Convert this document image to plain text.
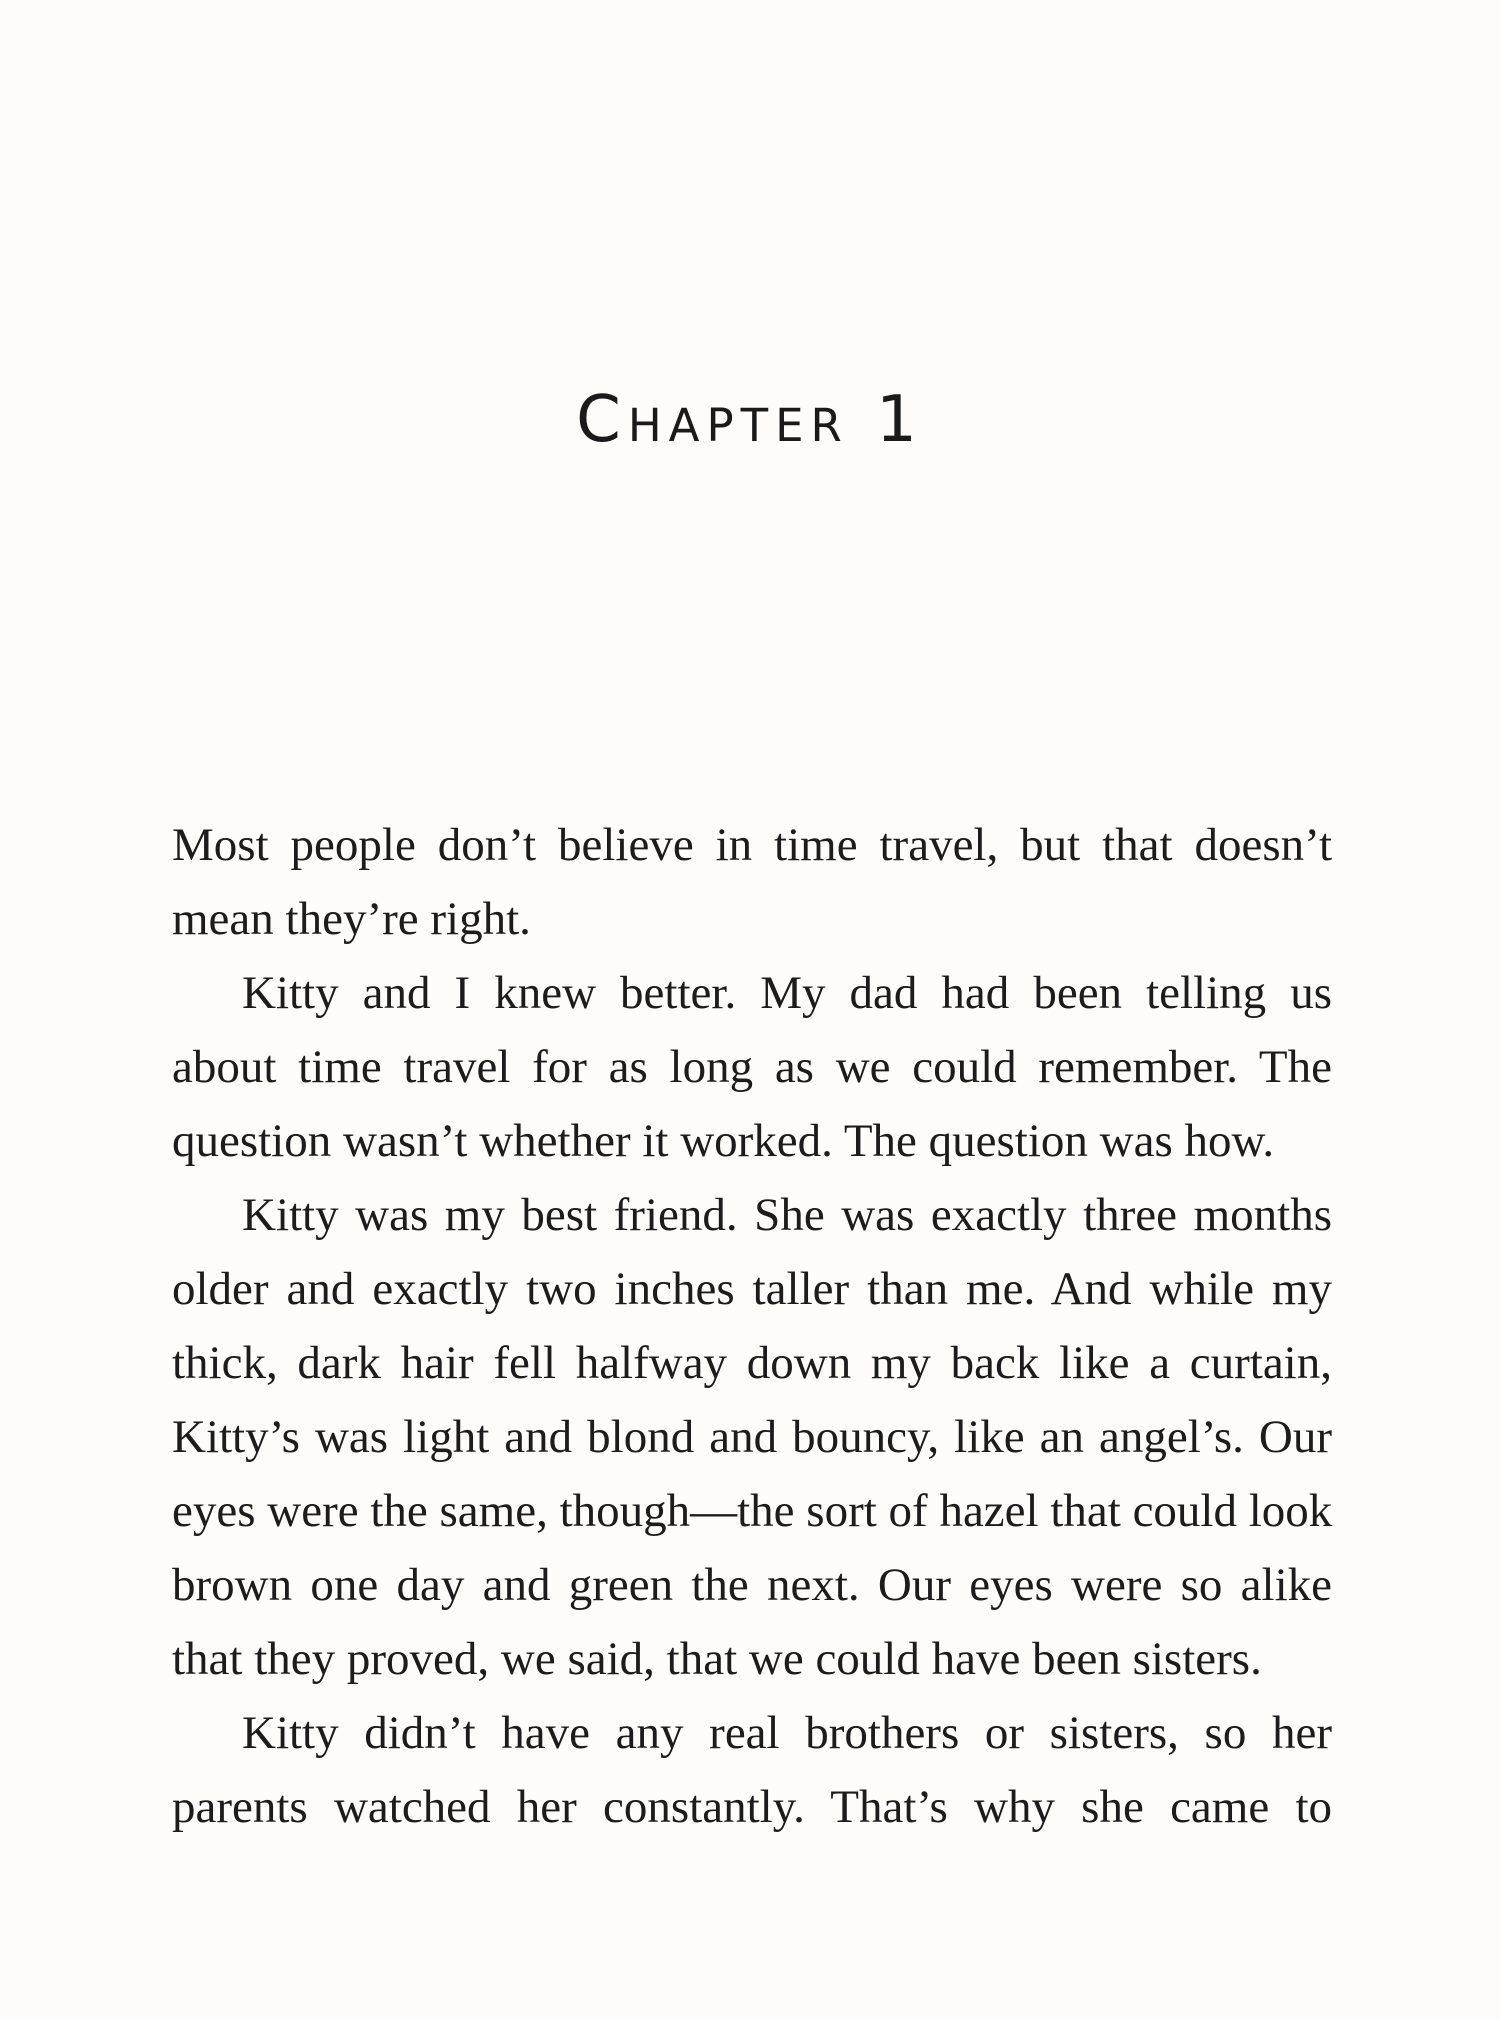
Chapter 1
Most people don’t believe in time travel, but that doesn’t
mean they’re right.
Kitty and I knew better. My dad had been telling us
about time travel for as long as we could remember. The
question wasn’t whether it worked. The question was how.
Kitty was my best friend. She was exactly three months
older and exactly two inches taller than me. And while my
thick, dark hair fell halfway down my back like a curtain,
Kitty’s was light and blond and bouncy, like an angel’s. Our
eyes were the same, though—the sort of hazel that could look
brown one day and green the next. Our eyes were so alike
that they proved, we said, that we could have been sisters.
Kitty didn’t have any real brothers or sisters, so her
parents watched her constantly. That’s why she came to
